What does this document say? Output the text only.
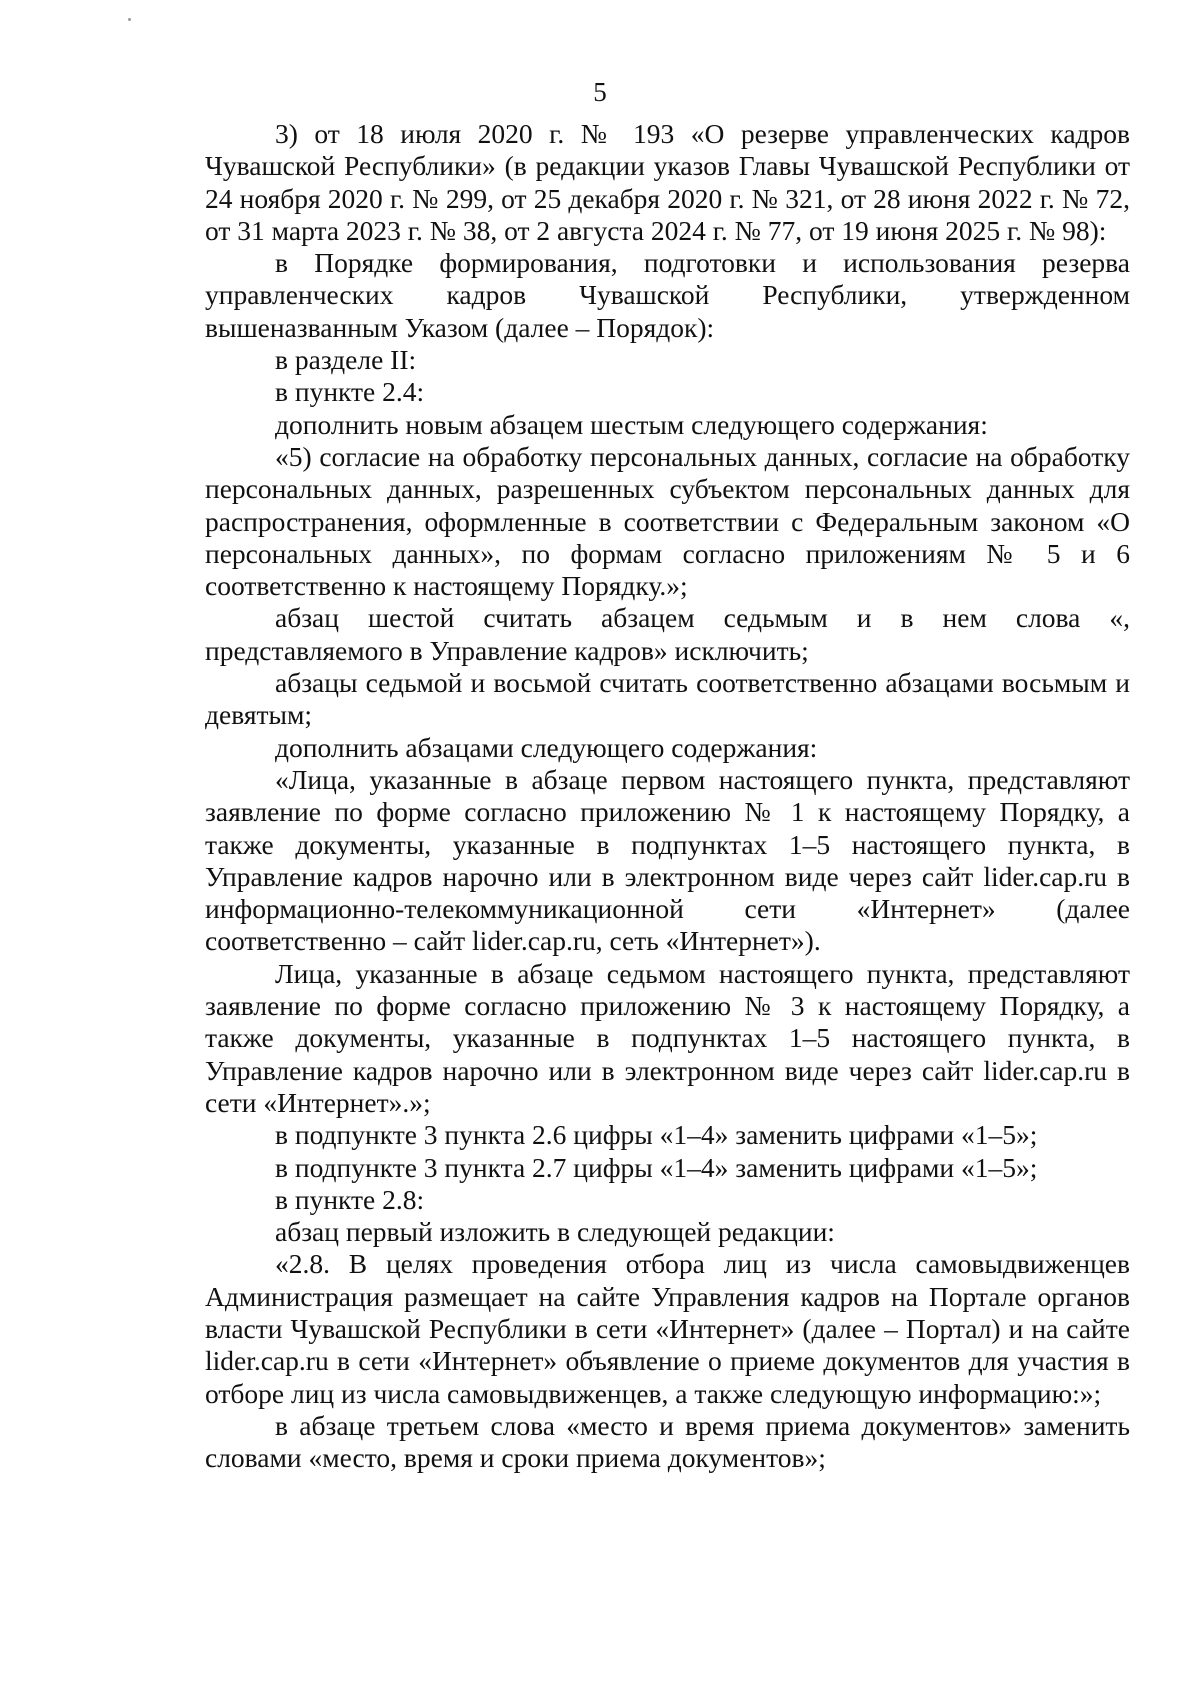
5

3) от 18 июля 2020 г. № 193 «О резерве управленческих кадров Чувашской Республики» (в редакции указов Главы Чувашской Республики от 24 ноября 2020 г. № 299, от 25 декабря 2020 г. № 321, от 28 июня 2022 г. № 72, от 31 марта 2023 г. № 38, от 2 августа 2024 г. № 77, от 19 июня 2025 г. № 98):

в Порядке формирования, подготовки и использования резерва управленческих кадров Чувашской Республики, утвержденном вышеназванным Указом (далее – Порядок):

в разделе II:

в пункте 2.4:

дополнить новым абзацем шестым следующего содержания:

«5) согласие на обработку персональных данных, согласие на обработку персональных данных, разрешенных субъектом персональных данных для распространения, оформленные в соответствии с Федеральным законом «О персональных данных», по формам согласно приложениям № 5 и 6 соответственно к настоящему Порядку.»;

абзац шестой считать абзацем седьмым и в нем слова «, представляемого в Управление кадров» исключить;

абзацы седьмой и восьмой считать соответственно абзацами восьмым и девятым;

дополнить абзацами следующего содержания:

«Лица, указанные в абзаце первом настоящего пункта, представляют заявление по форме согласно приложению № 1 к настоящему Порядку, а также документы, указанные в подпунктах 1–5 настоящего пункта, в Управление кадров нарочно или в электронном виде через сайт lider.cap.ru в информационно-телекоммуникационной сети «Интернет» (далее соответственно – сайт lider.cap.ru, сеть «Интернет»).

Лица, указанные в абзаце седьмом настоящего пункта, представляют заявление по форме согласно приложению № 3 к настоящему Порядку, а также документы, указанные в подпунктах 1–5 настоящего пункта, в Управление кадров нарочно или в электронном виде через сайт lider.cap.ru в сети «Интернет».»;

в подпункте 3 пункта 2.6 цифры «1–4» заменить цифрами «1–5»;

в подпункте 3 пункта 2.7 цифры «1–4» заменить цифрами «1–5»;

в пункте 2.8:

абзац первый изложить в следующей редакции:

«2.8. В целях проведения отбора лиц из числа самовыдвиженцев Администрация размещает на сайте Управления кадров на Портале органов власти Чувашской Республики в сети «Интернет» (далее – Портал) и на сайте lider.cap.ru в сети «Интернет» объявление о приеме документов для участия в отборе лиц из числа самовыдвиженцев, а также следующую информацию:»;

в абзаце третьем слова «место и время приема документов» заменить словами «место, время и сроки приема документов»;
